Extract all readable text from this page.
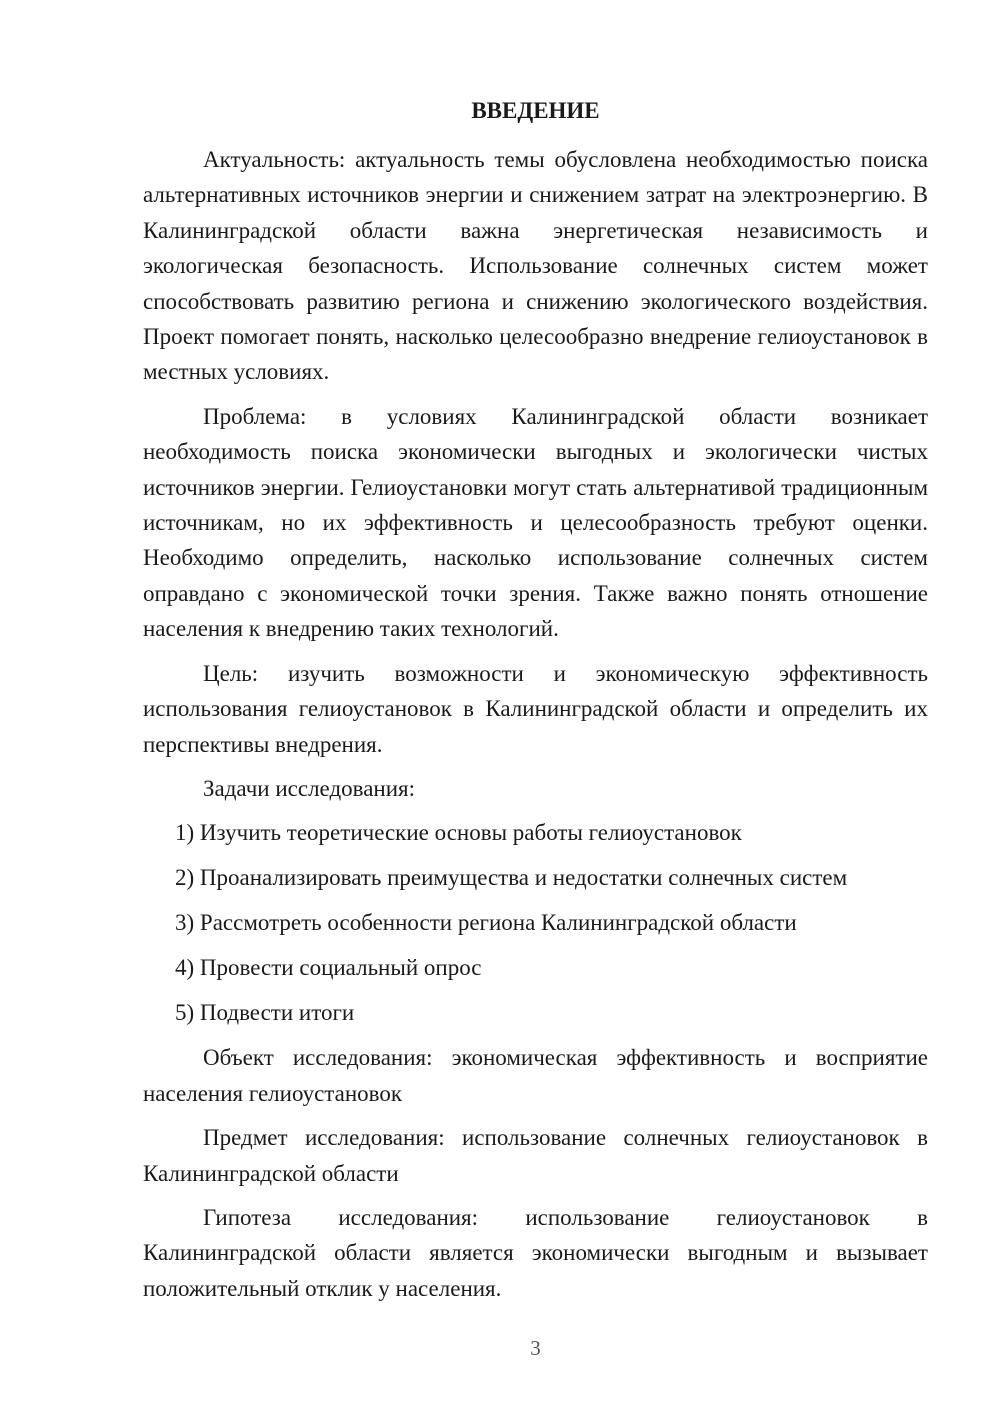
ВВЕДЕНИЕ

Актуальность: актуальность темы обусловлена необходимостью поиска альтернативных источников энергии и снижением затрат на электроэнергию. В Калининградской области важна энергетическая независимость и экологическая безопасность. Использование солнечных систем может способствовать развитию региона и снижению экологического воздействия. Проект помогает понять, насколько целесообразно внедрение гелиоустановок в местных условиях.

Проблема: в условиях Калининградской области возникает необходимость поиска экономически выгодных и экологически чистых источников энергии. Гелиоустановки могут стать альтернативой традиционным источникам, но их эффективность и целесообразность требуют оценки. Необходимо определить, насколько использование солнечных систем оправдано с экономической точки зрения. Также важно понять отношение населения к внедрению таких технологий.

Цель: изучить возможности и экономическую эффективность использования гелиоустановок в Калининградской области и определить их перспективы внедрения.

Задачи исследования:

1) Изучить теоретические основы работы гелиоустановок
2) Проанализировать преимущества и недостатки солнечных систем
3) Рассмотреть особенности региона Калининградской области
4) Провести социальный опрос
5) Подвести итоги

Объект исследования: экономическая эффективность и восприятие населения гелиоустановок

Предмет исследования: использование солнечных гелиоустановок в Калининградской области

Гипотеза исследования: использование гелиоустановок в Калининградской области является экономически выгодным и вызывает положительный отклик у населения.

3
